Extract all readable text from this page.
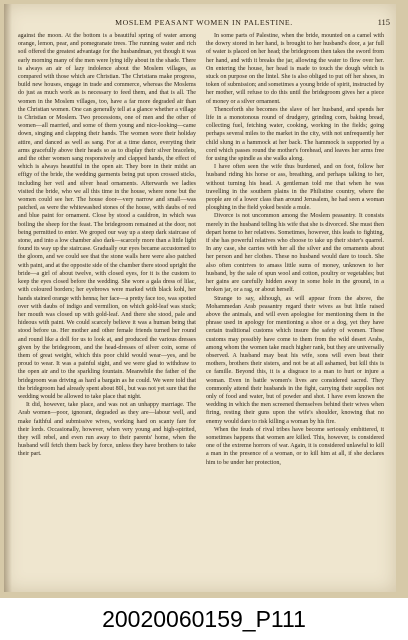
MOSLEM PEASANT WOMEN IN PALESTINE.	115

against the moon. At the bottom is a beautiful spring of water among orange, lemon, pear, and pomegranate trees. The running water and rich soil offered the greatest advantage for the husbandman, yet though it was early morning many of the men were lying idly about in the shade. There is always an air of lazy indolence about the Moslem villages, as compared with those which are Christian. The Christians make progress, build new houses, engage in trade and commerce, whereas the Moslems do just as much work as is necessary to feed them, and that is all. The women in the Moslem villages, too, have a far more degraded air than the Christian women. One can generally tell at a glance whether a village is Christian or Moslem. Two processions, one of men and the other of women—all married, and some of them young and nice-looking—came down, singing and clapping their hands. The women wore their holiday attire, and danced as well as sang. For at a time dance, everyting their arms gracefully above their heads so as to display their silver bracelets, and the other women sang responsively and clapped hands, the effect of which is always heautiful in the open air. They bore in their midst an effigy of the bride, the wedding garments being put upon crossed sticks, including her veil and silver head ornaments. Afterwards we ladies visited the bride, who we all this time in the house, where none but the women could see her. The house door—very narrow and small—was patched, as were the whitewashed stones of the house, with daubs of red and blue paint for ornament. Close by stood a cauldron, in which was boiling the sheep for the feast. The bridegroom remained at the door, not being permitted to enter. We groped our way up a steep dark staircase of stone, and into a low chamber also dark—scarcely more than a little light found its way up the staircase. Gradually our eyes became accustomed to the gloom, and we could see that the stone walls here were also patched with paint, and at the opposite side of the chamber there stood upright the bride—a girl of about twelve, with closed eyes, for it is the custom to keep the eyes closed before the wedding. She wore a gala dress of lilac, with coloured borders; her eyebrows were marked with black kohl, her hands stained orange with henna; her face—a pretty face too, was spotted over with daubs of indigo and vermilion, on which gold-leaf was stuck; her mouth was closed up with gold-leaf. And there she stood, pale and hideous with paint. We could scarcely believe it was a human being that stood before us. Her mother and other female friends turned her round and round like a doll for us to look at, and produced the various dresses given by the bridegroom, and the head-dresses of silver coin, some of them of great weight, which this poor child would wear—yes, and be proud to wear. It was a painful sight, and we were glad to withdraw to the open air and to the sparkling fountain. Meanwhile the father of the bridegroom was driving as hard a bargain as he could. We were told that the bridegroom had already spent about 80l., but was not yet sure that the wedding would be allowed to take place that night.

It did, however, take place, and was not an unhappy marriage. The Arab women—poor, ignorant, degraded as they are—labour well, and make faithful and submissive wives, working hard on scanty fare for their lords. Occasionally, however, when very young and high-spirited, they will rebel, and even run away to their parents' home, when the husband will fetch them back by force, unless they have brothers to take their part.

In some parts of Palestine, when the bride, mounted on a camel with the dowry stored in her hand, is brought to her husband's door, a jar full of water is placed on her head; the bridegroom then takes the sword from her hand, and with it breaks the jar, allowing the water to flow over her. On entering the house, her head is made to touch the dough which is stuck on purpose on the lintel. She is also obliged to put off her shoes, in token of submission; and sometimes a young bride of spirit, instructed by her mother, will refuse to do this until the bridegroom gives her a piece of money or a silver ornament.

Thenceforth she becomes the slave of her husband, and spends her life in a monotonous round of drudgery, grinding corn, baking bread, collecting fuel, fetching water, cooking, working in the fields; going perhaps several miles to the market in the city, with not unfrequently her child slung in a hammock at her back. The hammock is supported by a cord which passes round the mother's forehead, and leaves her arms free for using the spindle as she walks along.

I have often seen the wife thus burdened, and on foot, follow her husband riding his horse or ass, breathing, and perhaps talking to her, without turning his head. A gentleman told me that when he was travelling in the southern plains in the Philistine country, where the people are of a lower class than around Jerusalem, he had seen a woman ploughing in the field yoked beside a mule.

Divorce is not uncommon among the Moslem peasantry. It consists merely in the husband telling his wife that she is divorced. She must then depart home to her relatives. Sometimes, however, this leads to fighting, if she has powerful relatives who choose to take up their sister's quarrel. In any case, she carries with her all the silver and the ornaments about her person and her clothes. These no husband would dare to touch. She also often contrives to amass little sums of money, unknown to her husband, by the sale of spun wool and cotton, poultry or vegetables; but her gains are carefully hidden away in some hole in the ground, in a broken jar, or a rag, or about herself.

Strange to say, although, as will appear from the above, the Mohammedan Arab peasantry regard their wives as but little raised above the animals, and will even apologise for mentioning them in the phrase used in apology for mentioning a shoe or a dog, yet they have certain traditional customs which insure the safety of women. These customs may possibly have come to them from the wild desert Arabs, among whom the women take much higher rank, but they are universally observed. A husband may beat his wife, sons will even beat their mothers, brothers their sisters, and not be at all ashamed, but kill this is ce famille. Beyond this, it is a disgrace to a man to hurt or injure a woman. Even in battle women's lives are considered sacred. They commonly attend their husbands in the fight, carrying their supplies not only of food and water, but of powder and shot. I have even known the wedding in which the men screened themselves behind their wives when firing, resting their guns upon the wife's shoulder, knowing that no enemy would dare to risk killing a woman by his fire.

When the feuds of rival tribes have become seriously embittered, it sometimes happens that women are killed. This, however, is considered one of the extreme horrors of war. Again, it is considered unlawful to kill a man in the presence of a woman, or to kill him at all, if she declares him to be under her protection,

20020060159_P111
